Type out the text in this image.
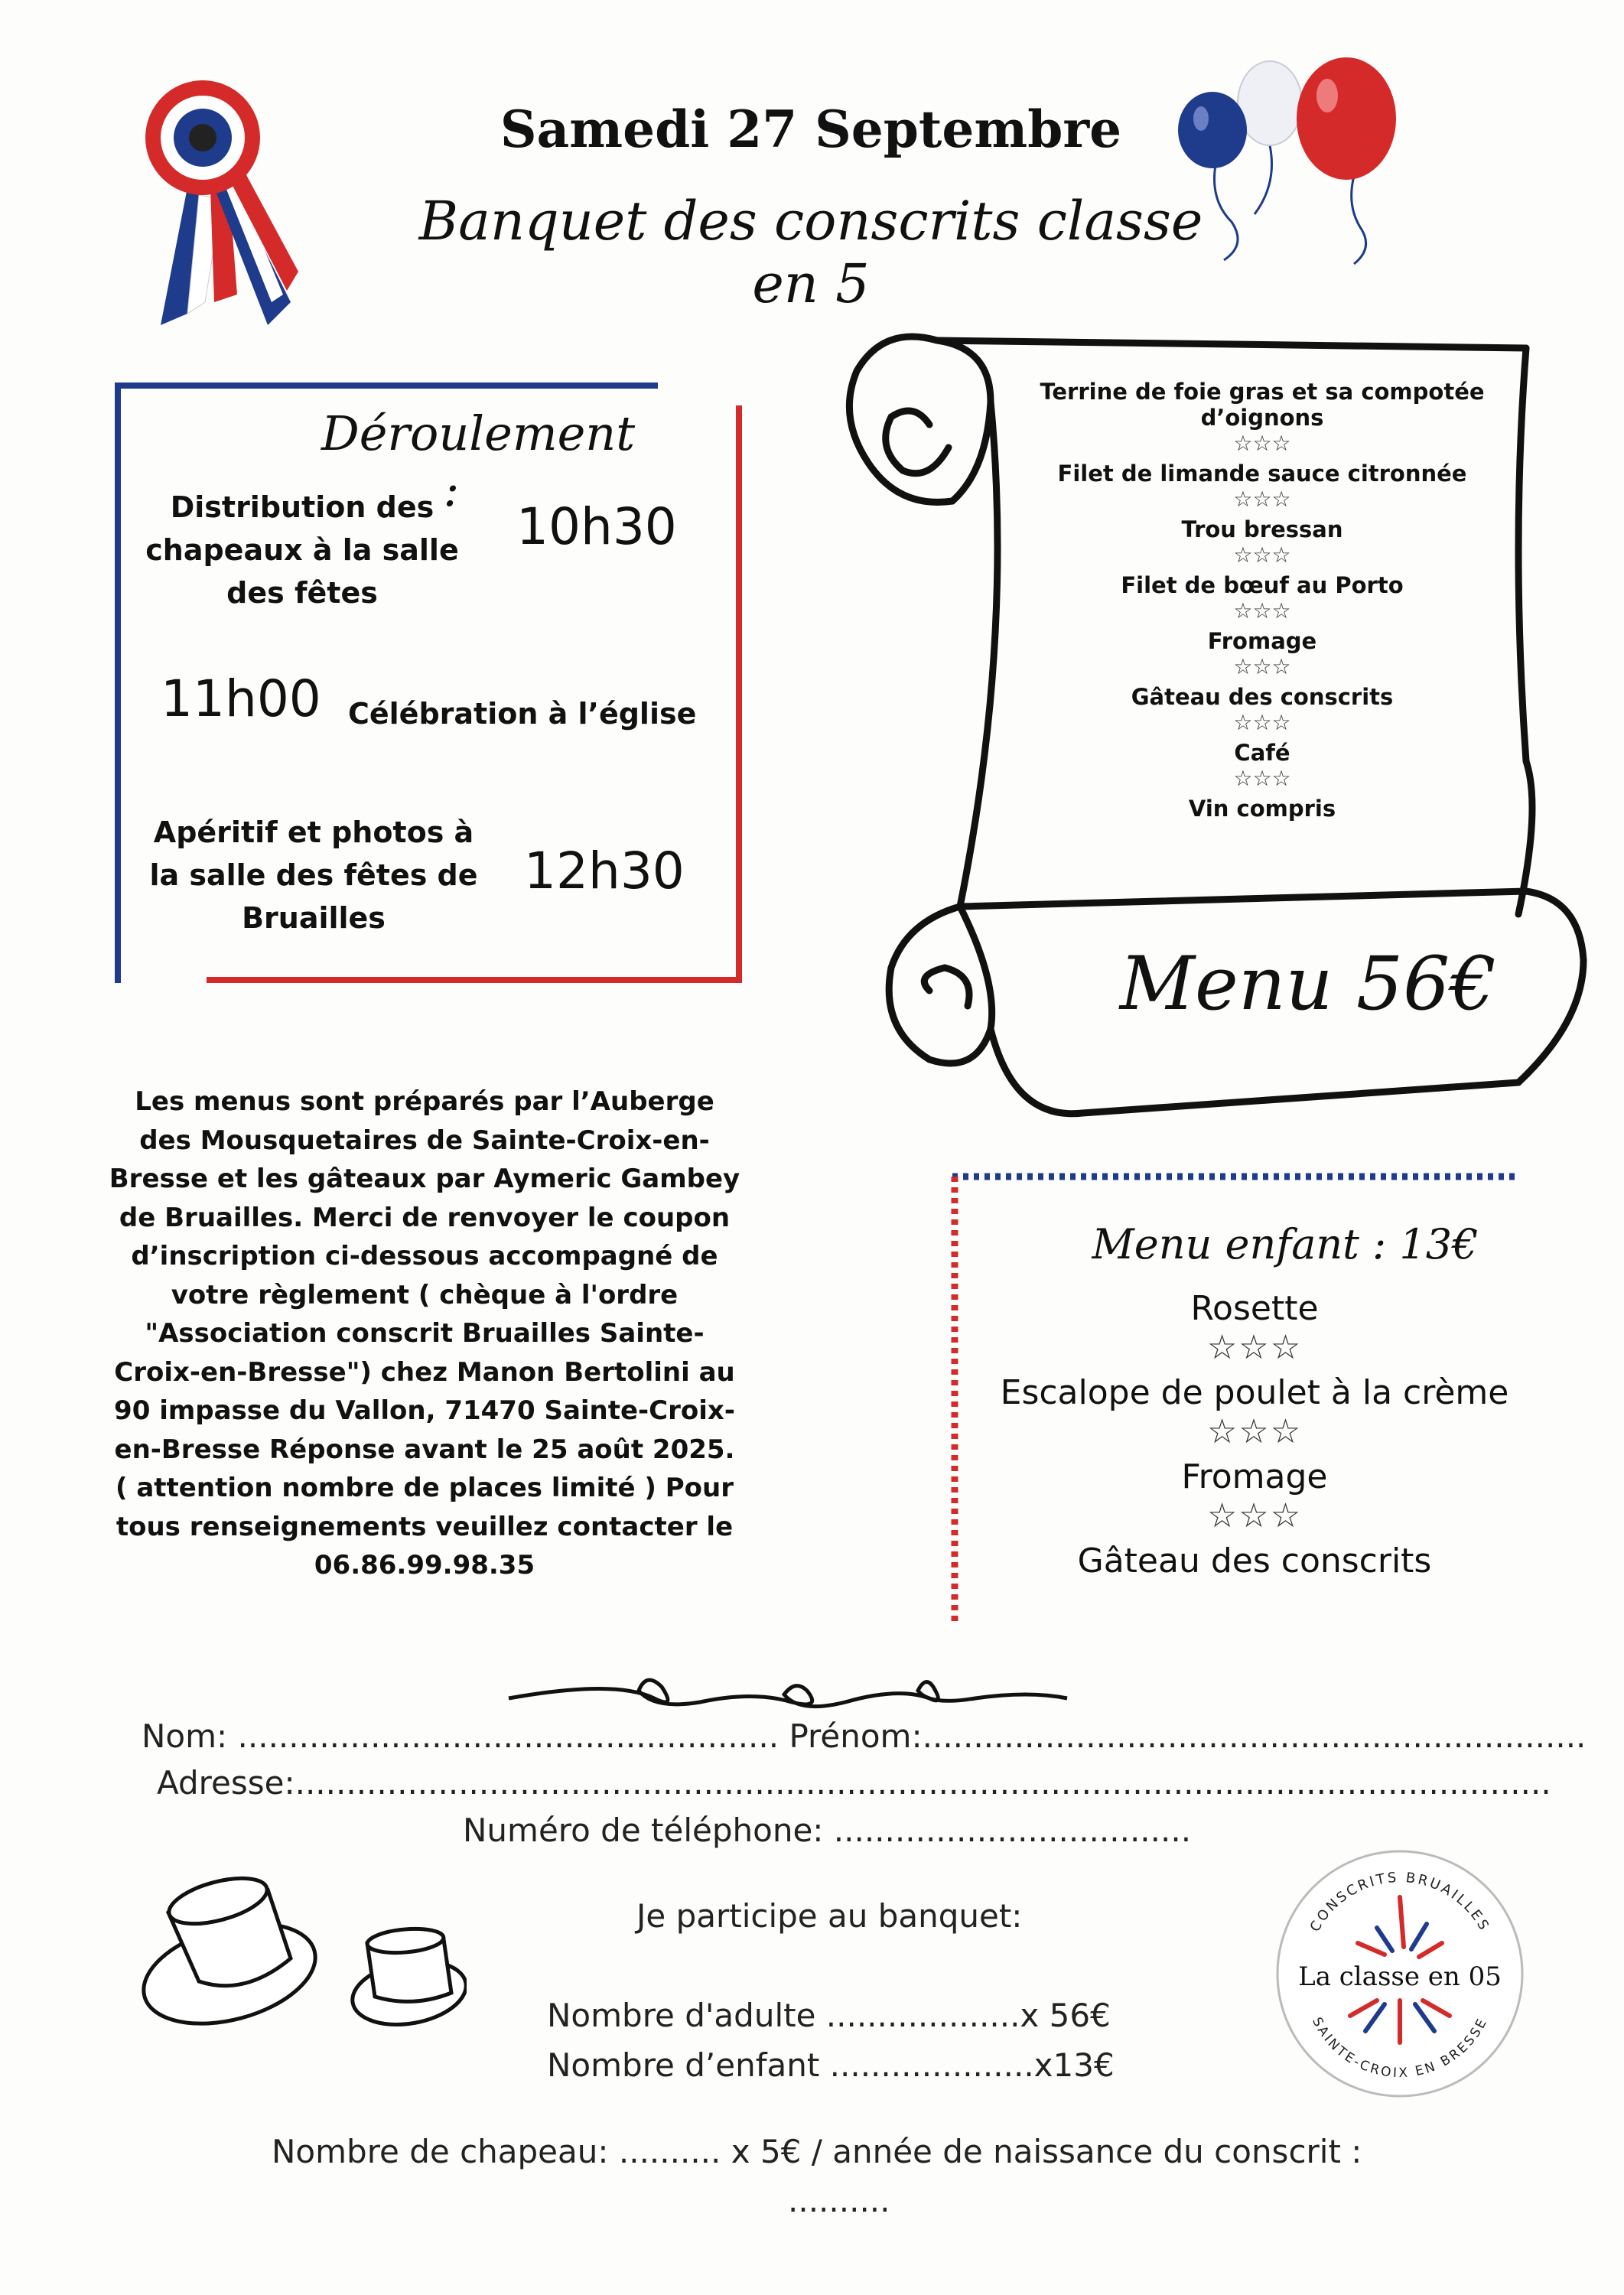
Samedi 27 Septembre
Banquet des conscrits classe en 5
Déroulement :
Distribution des chapeaux à la salle des fêtes
10h30
11h00 Célébration à l’église
Apéritif et photos à la salle des fêtes de Bruailles
12h30
Terrine de foie gras et sa compotée d’oignons
☆☆☆
Filet de limande sauce citronnée
☆☆☆
Trou bressan
☆☆☆
Filet de bœuf au Porto
☆☆☆
Fromage
☆☆☆
Gâteau des conscrits
☆☆☆
Café
☆☆☆
Vin compris
Menu 56€
Les menus sont préparés par l’Auberge des Mousquetaires de Sainte-Croix-en-Bresse et les gâteaux par Aymeric Gambey de Bruailles. Merci de renvoyer le coupon d’inscription ci-dessous accompagné de votre règlement ( chèque à l'ordre "Association conscrit Bruailles Sainte-Croix-en-Bresse") chez Manon Bertolini au 90 impasse du Vallon, 71470 Sainte-Croix-en-Bresse Réponse avant le 25 août 2025. ( attention nombre de places limité ) Pour tous renseignements veuillez contacter le 06.86.99.98.35
Menu enfant : 13€
Rosette
☆☆☆
Escalope de poulet à la crème
☆☆☆
Fromage
☆☆☆
Gâteau des conscrits
Nom: ..................................................... Prénom:.................................................................
Adresse:...........................................................................................................................
Numéro de téléphone: ...................................
Je participe au banquet:
Nombre d'adulte ...................x 56€
Nombre d’enfant ....................x13€
Nombre de chapeau: .......... x 5€ / année de naissance du conscrit :
..........
CONSCRITS BRUAILLES
La classe en 05
SAINTE-CROIX EN BRESSE
